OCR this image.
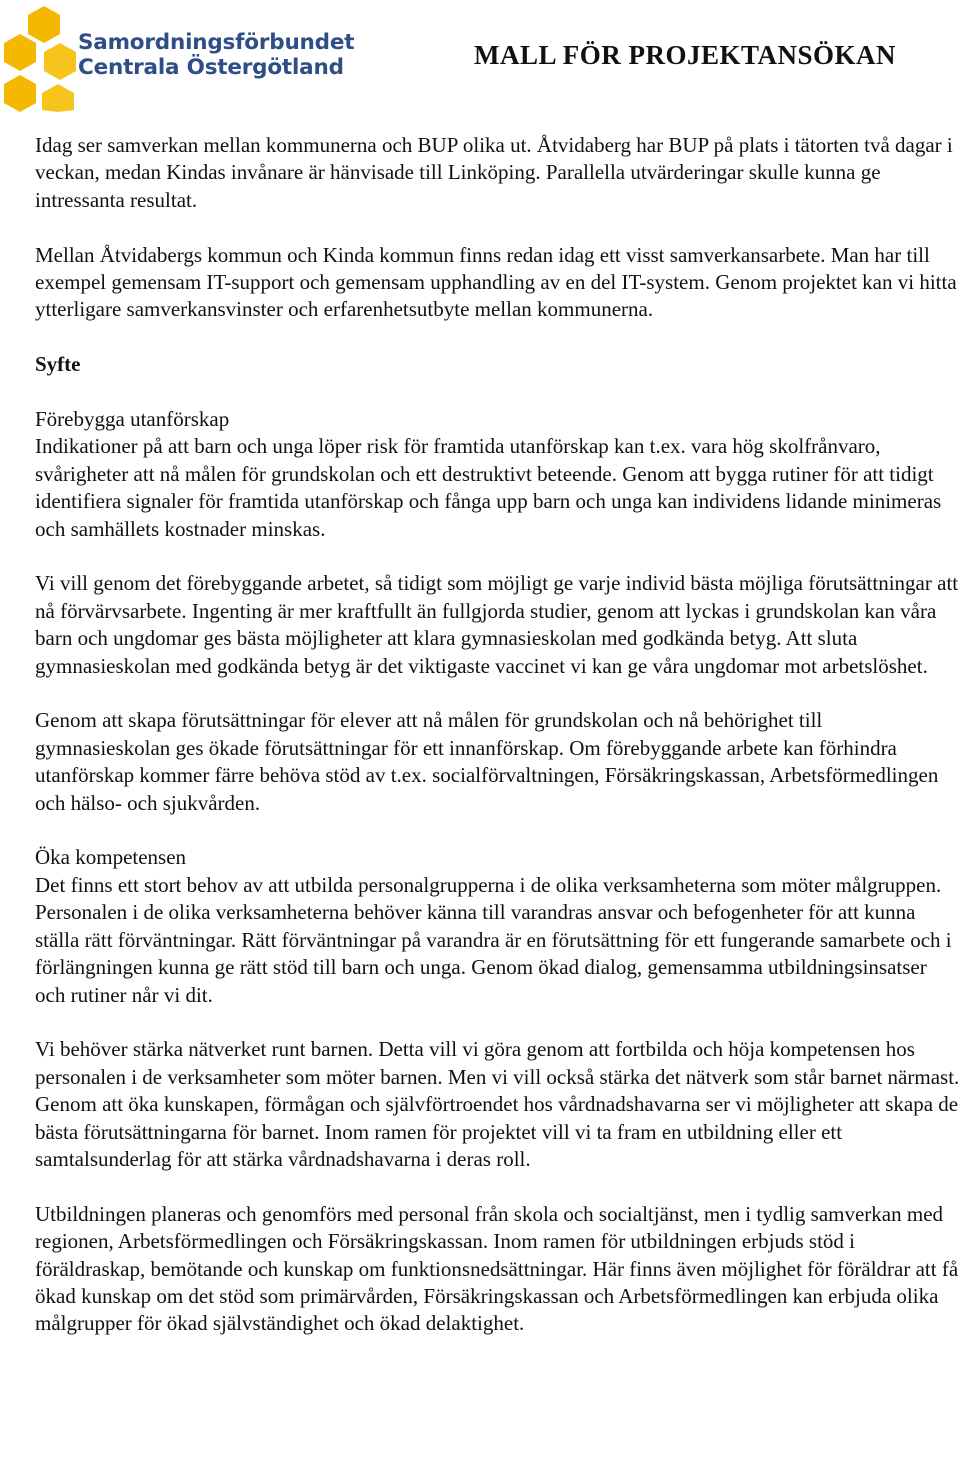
Samordningsförbundet
Centrala Östergötland	MALL FÖR PROJEKTANSÖKAN

Idag ser samverkan mellan kommunerna och BUP olika ut. Åtvidaberg har BUP på plats i tätorten två dagar i veckan, medan Kindas invånare är hänvisade till Linköping. Parallella utvärderingar skulle kunna ge intressanta resultat.

Mellan Åtvidabergs kommun och Kinda kommun finns redan idag ett visst samverkansarbete. Man har till exempel gemensam IT-support och gemensam upphandling av en del IT-system. Genom projektet kan vi hitta ytterligare samverkansvinster och erfarenhetsutbyte mellan kommunerna.

Syfte

Förebygga utanförskap

Indikationer på att barn och unga löper risk för framtida utanförskap kan t.ex. vara hög skolfrånvaro, svårigheter att nå målen för grundskolan och ett destruktivt beteende. Genom att bygga rutiner för att tidigt identifiera signaler för framtida utanförskap och fånga upp barn och unga kan individens lidande minimeras och samhällets kostnader minskas.

Vi vill genom det förebyggande arbetet, så tidigt som möjligt ge varje individ bästa möjliga förutsättningar att nå förvärvsarbete. Ingenting är mer kraftfullt än fullgjorda studier, genom att lyckas i grundskolan kan våra barn och ungdomar ges bästa möjligheter att klara gymnasieskolan med godkända betyg. Att sluta gymnasieskolan med godkända betyg är det viktigaste vaccinet vi kan ge våra ungdomar mot arbetslöshet.

Genom att skapa förutsättningar för elever att nå målen för grundskolan och nå behörighet till gymnasieskolan ges ökade förutsättningar för ett innanförskap. Om förebyggande arbete kan förhindra utanförskap kommer färre behöva stöd av t.ex. socialförvaltningen, Försäkringskassan, Arbetsförmedlingen och hälso- och sjukvården.

Öka kompetensen

Det finns ett stort behov av att utbilda personalgrupperna i de olika verksamheterna som möter målgruppen. Personalen i de olika verksamheterna behöver känna till varandras ansvar och befogenheter för att kunna ställa rätt förväntningar. Rätt förväntningar på varandra är en förutsättning för ett fungerande samarbete och i förlängningen kunna ge rätt stöd till barn och unga. Genom ökad dialog, gemensamma utbildningsinsatser och rutiner når vi dit.

Vi behöver stärka nätverket runt barnen. Detta vill vi göra genom att fortbilda och höja kompetensen hos personalen i de verksamheter som möter barnen. Men vi vill också stärka det nätverk som står barnet närmast. Genom att öka kunskapen, förmågan och självförtroendet hos vårdnadshavarna ser vi möjligheter att skapa de bästa förutsättningarna för barnet. Inom ramen för projektet vill vi ta fram en utbildning eller ett samtalsunderlag för att stärka vårdnadshavarna i deras roll.

Utbildningen planeras och genomförs med personal från skola och socialtjänst, men i tydlig samverkan med regionen, Arbetsförmedlingen och Försäkringskassan. Inom ramen för utbildningen erbjuds stöd i föräldraskap, bemötande och kunskap om funktionsnedsättningar. Här finns även möjlighet för föräldrar att få ökad kunskap om det stöd som primärvården, Försäkringskassan och Arbetsförmedlingen kan erbjuda olika målgrupper för ökad självständighet och ökad delaktighet.
